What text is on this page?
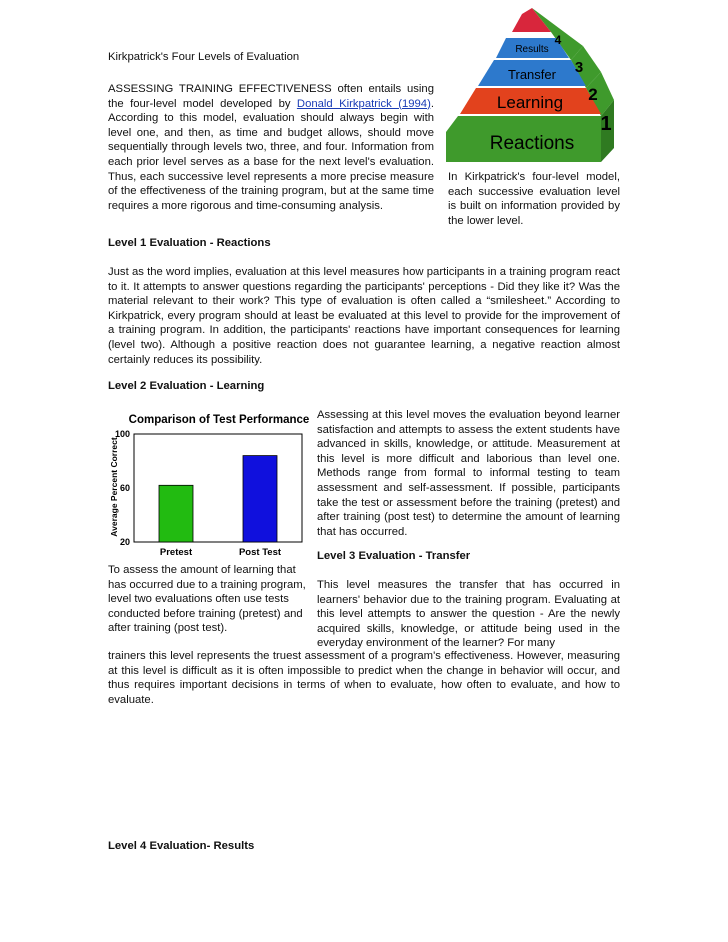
Kirkpatrick's Four Levels of Evaluation

ASSESSING TRAINING EFFECTIVENESS often entails using the four-level model developed by Donald Kirkpatrick (1994). According to this model, evaluation should always begin with level one, and then, as time and budget allows, should move sequentially through levels two, three, and four. Information from each prior level serves as a base for the next level's evaluation. Thus, each successive level represents a more precise measure of the effectiveness of the training program, but at the same time requires a more rigorous and time-consuming analysis.

Reactions
Learning
Transfer
Results
1
2
3
4

In Kirkpatrick's four-level model, each successive evaluation level is built on information provided by the lower level.

Level 1 Evaluation - Reactions

Just as the word implies, evaluation at this level measures how participants in a training program react to it. It attempts to answer questions regarding the participants' perceptions - Did they like it? Was the material relevant to their work? This type of evaluation is often called a “smilesheet.” According to Kirkpatrick, every program should at least be evaluated at this level to provide for the improvement of a training program. In addition, the participants' reactions have important consequences for learning (level two). Although a positive reaction does not guarantee learning, a negative reaction almost certainly reduces its possibility.

Level 2 Evaluation - Learning

Assessing at this level moves the evaluation beyond learner satisfaction and attempts to assess the extent students have advanced in skills, knowledge, or attitude. Measurement at this level is more difficult and laborious than level one. Methods range from formal to informal testing to team assessment and self-assessment. If possible, participants take the test or assessment before the training (pretest) and after training (post test) to determine the amount of learning that has occurred.

Comparison of Test Performance
Average Percent Correct
20
60
100
Pretest	Post Test

To assess the amount of learning that has occurred due to a training program, level two evaluations often use tests conducted before training (pretest) and after training (post test).

Level 3 Evaluation - Transfer

This level measures the transfer that has occurred in learners' behavior due to the training program. Evaluating at this level attempts to answer the question - Are the newly acquired skills, knowledge, or attitude being used in the everyday environment of the learner? For many

trainers this level represents the truest assessment of a program's effectiveness. However, measuring at this level is difficult as it is often impossible to predict when the change in behavior will occur, and thus requires important decisions in terms of when to evaluate, how often to evaluate, and how to evaluate.

Level 4 Evaluation- Results
